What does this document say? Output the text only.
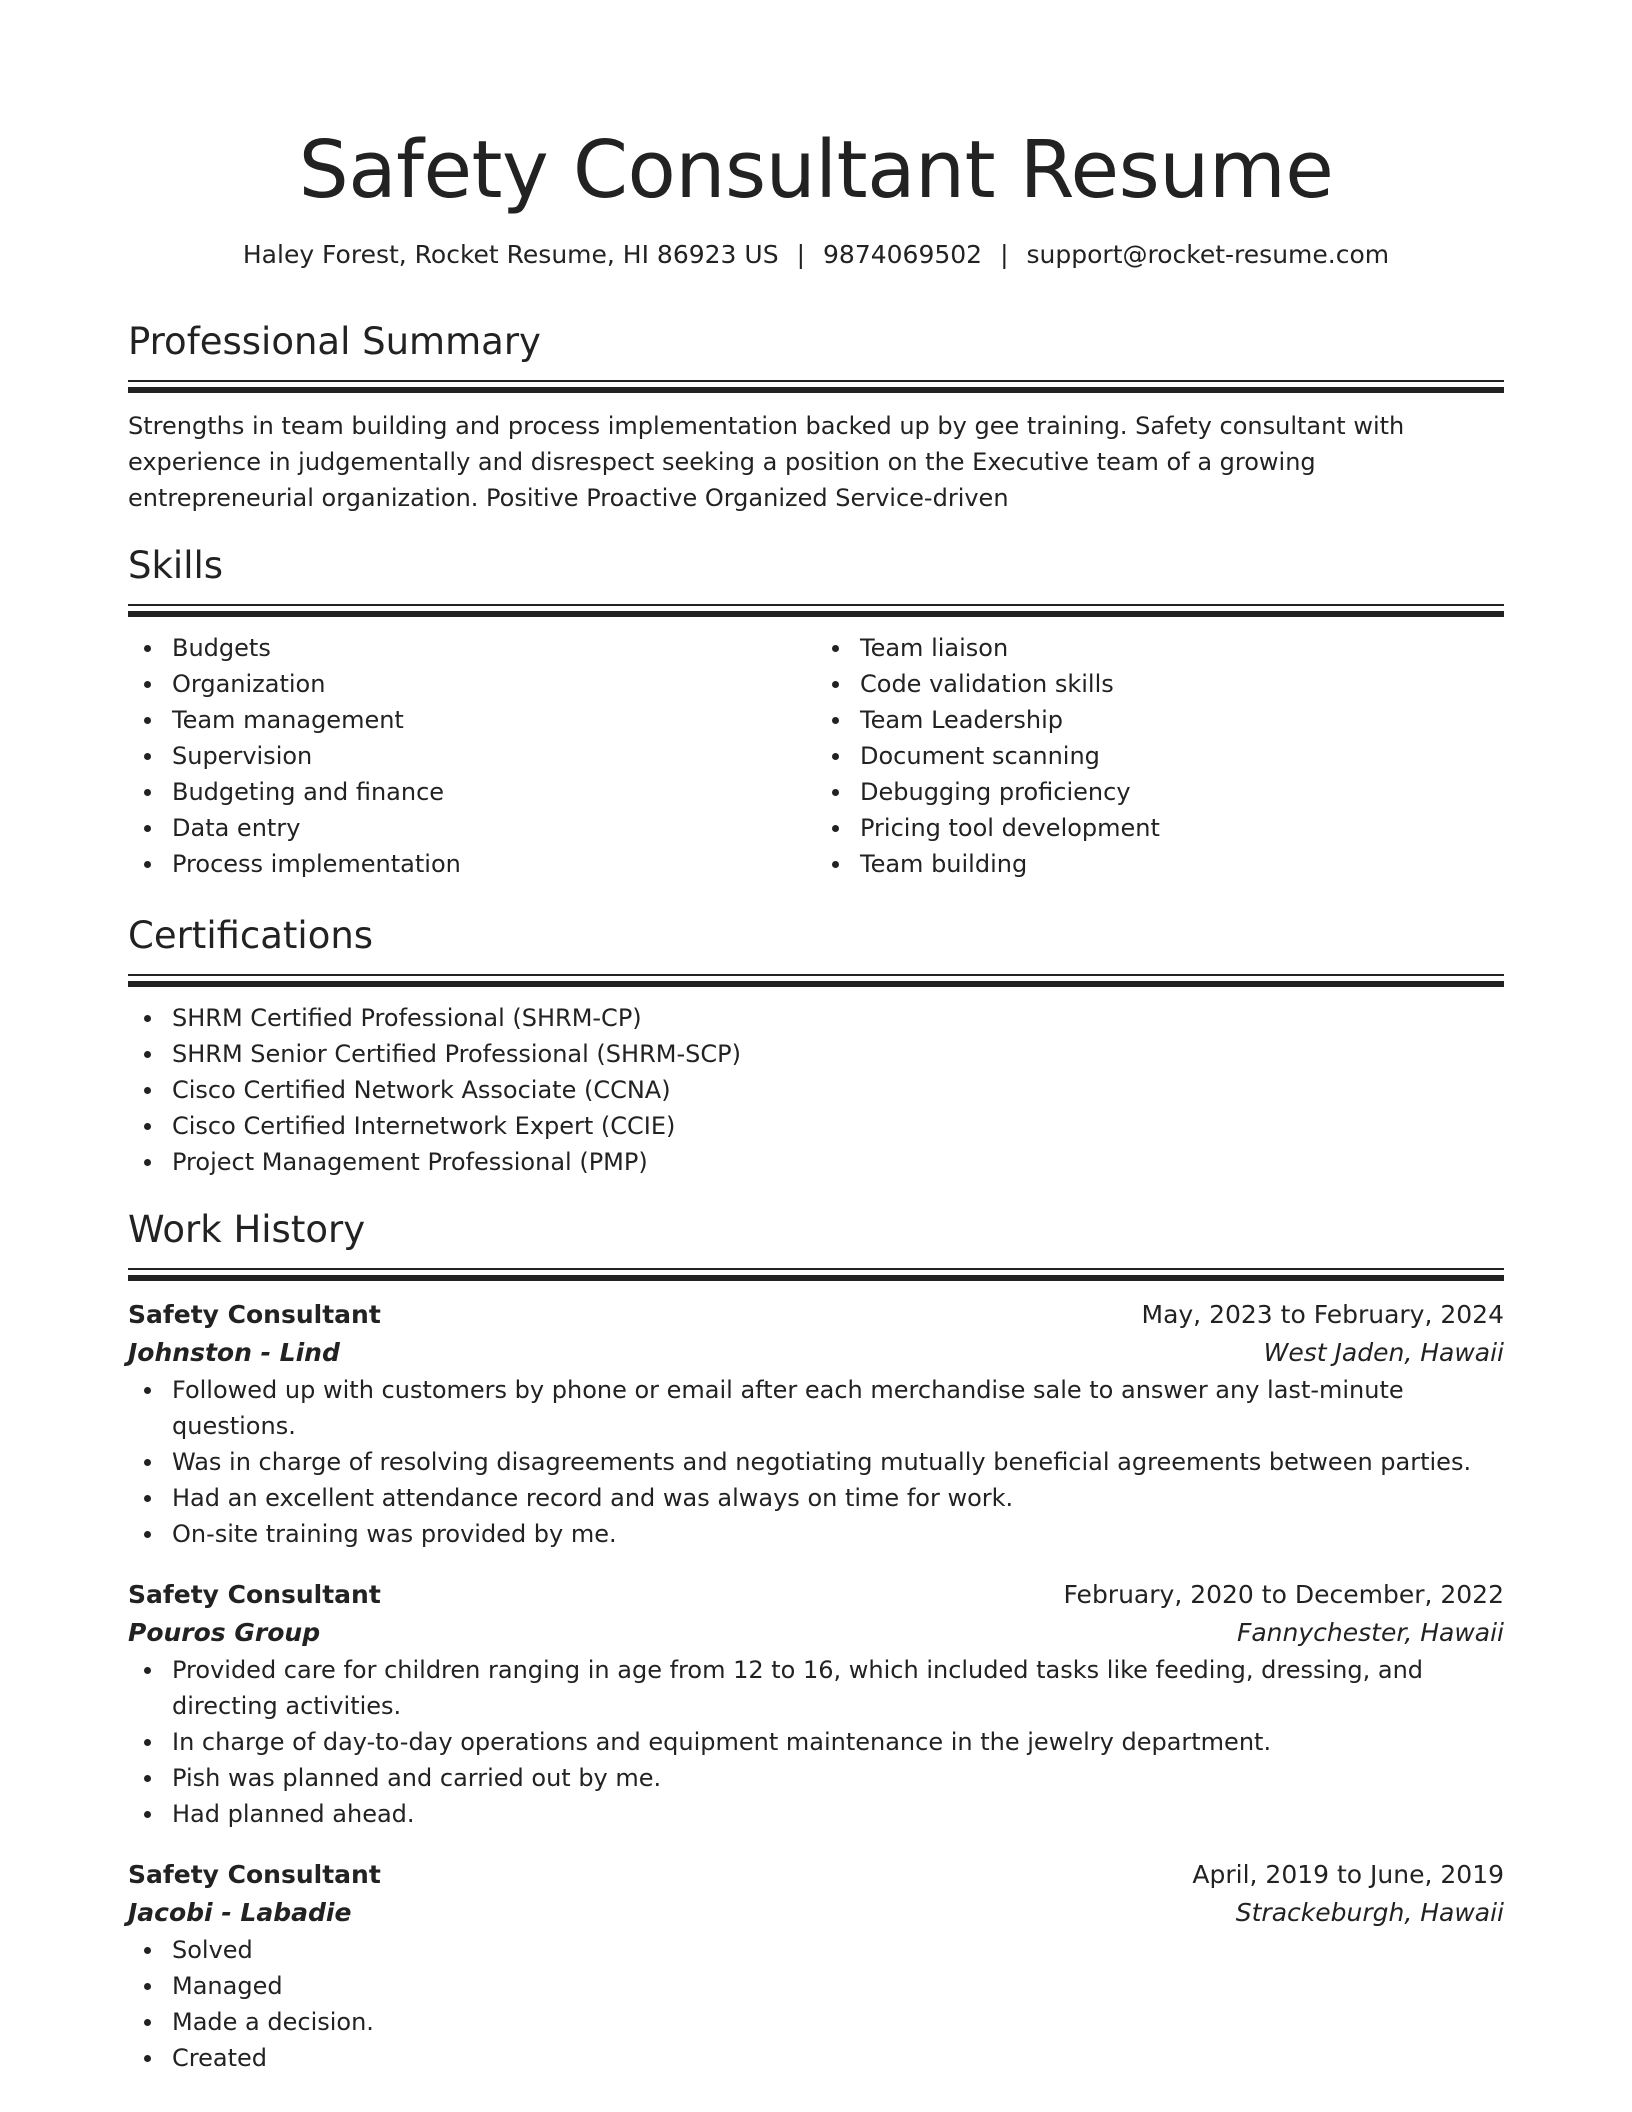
Safety Consultant Resume
Haley Forest, Rocket Resume, HI 86923 US | 9874069502 | support@rocket-resume.com
Professional Summary

Strengths in team building and process implementation backed up by gee training. Safety consultant with experience in judgementally and disrespect seeking a position on the Executive team of a growing entrepreneurial organization. Positive Proactive Organized Service-driven

Skills
Budgets
Organization
Team management
Supervision
Budgeting and finance
Data entry
Process implementation
Team liaison
Code validation skills
Team Leadership
Document scanning
Debugging proficiency
Pricing tool development
Team building
Certifications
SHRM Certified Professional (SHRM-CP)
SHRM Senior Certified Professional (SHRM-SCP)
Cisco Certified Network Associate (CCNA)
Cisco Certified Internetwork Expert (CCIE)
Project Management Professional (PMP)
Work History
Safety Consultant	May, 2023 to February, 2024
Johnston - Lind	West Jaden, Hawaii
Followed up with customers by phone or email after each merchandise sale to answer any last-minute questions.
Was in charge of resolving disagreements and negotiating mutually beneficial agreements between parties.
Had an excellent attendance record and was always on time for work.
On-site training was provided by me.
Safety Consultant	February, 2020 to December, 2022
Pouros Group	Fannychester, Hawaii
Provided care for children ranging in age from 12 to 16, which included tasks like feeding, dressing, and directing activities.
In charge of day-to-day operations and equipment maintenance in the jewelry department.
Pish was planned and carried out by me.
Had planned ahead.
Safety Consultant	April, 2019 to June, 2019
Jacobi - Labadie	Strackeburgh, Hawaii
Solved
Managed
Made a decision.
Created
